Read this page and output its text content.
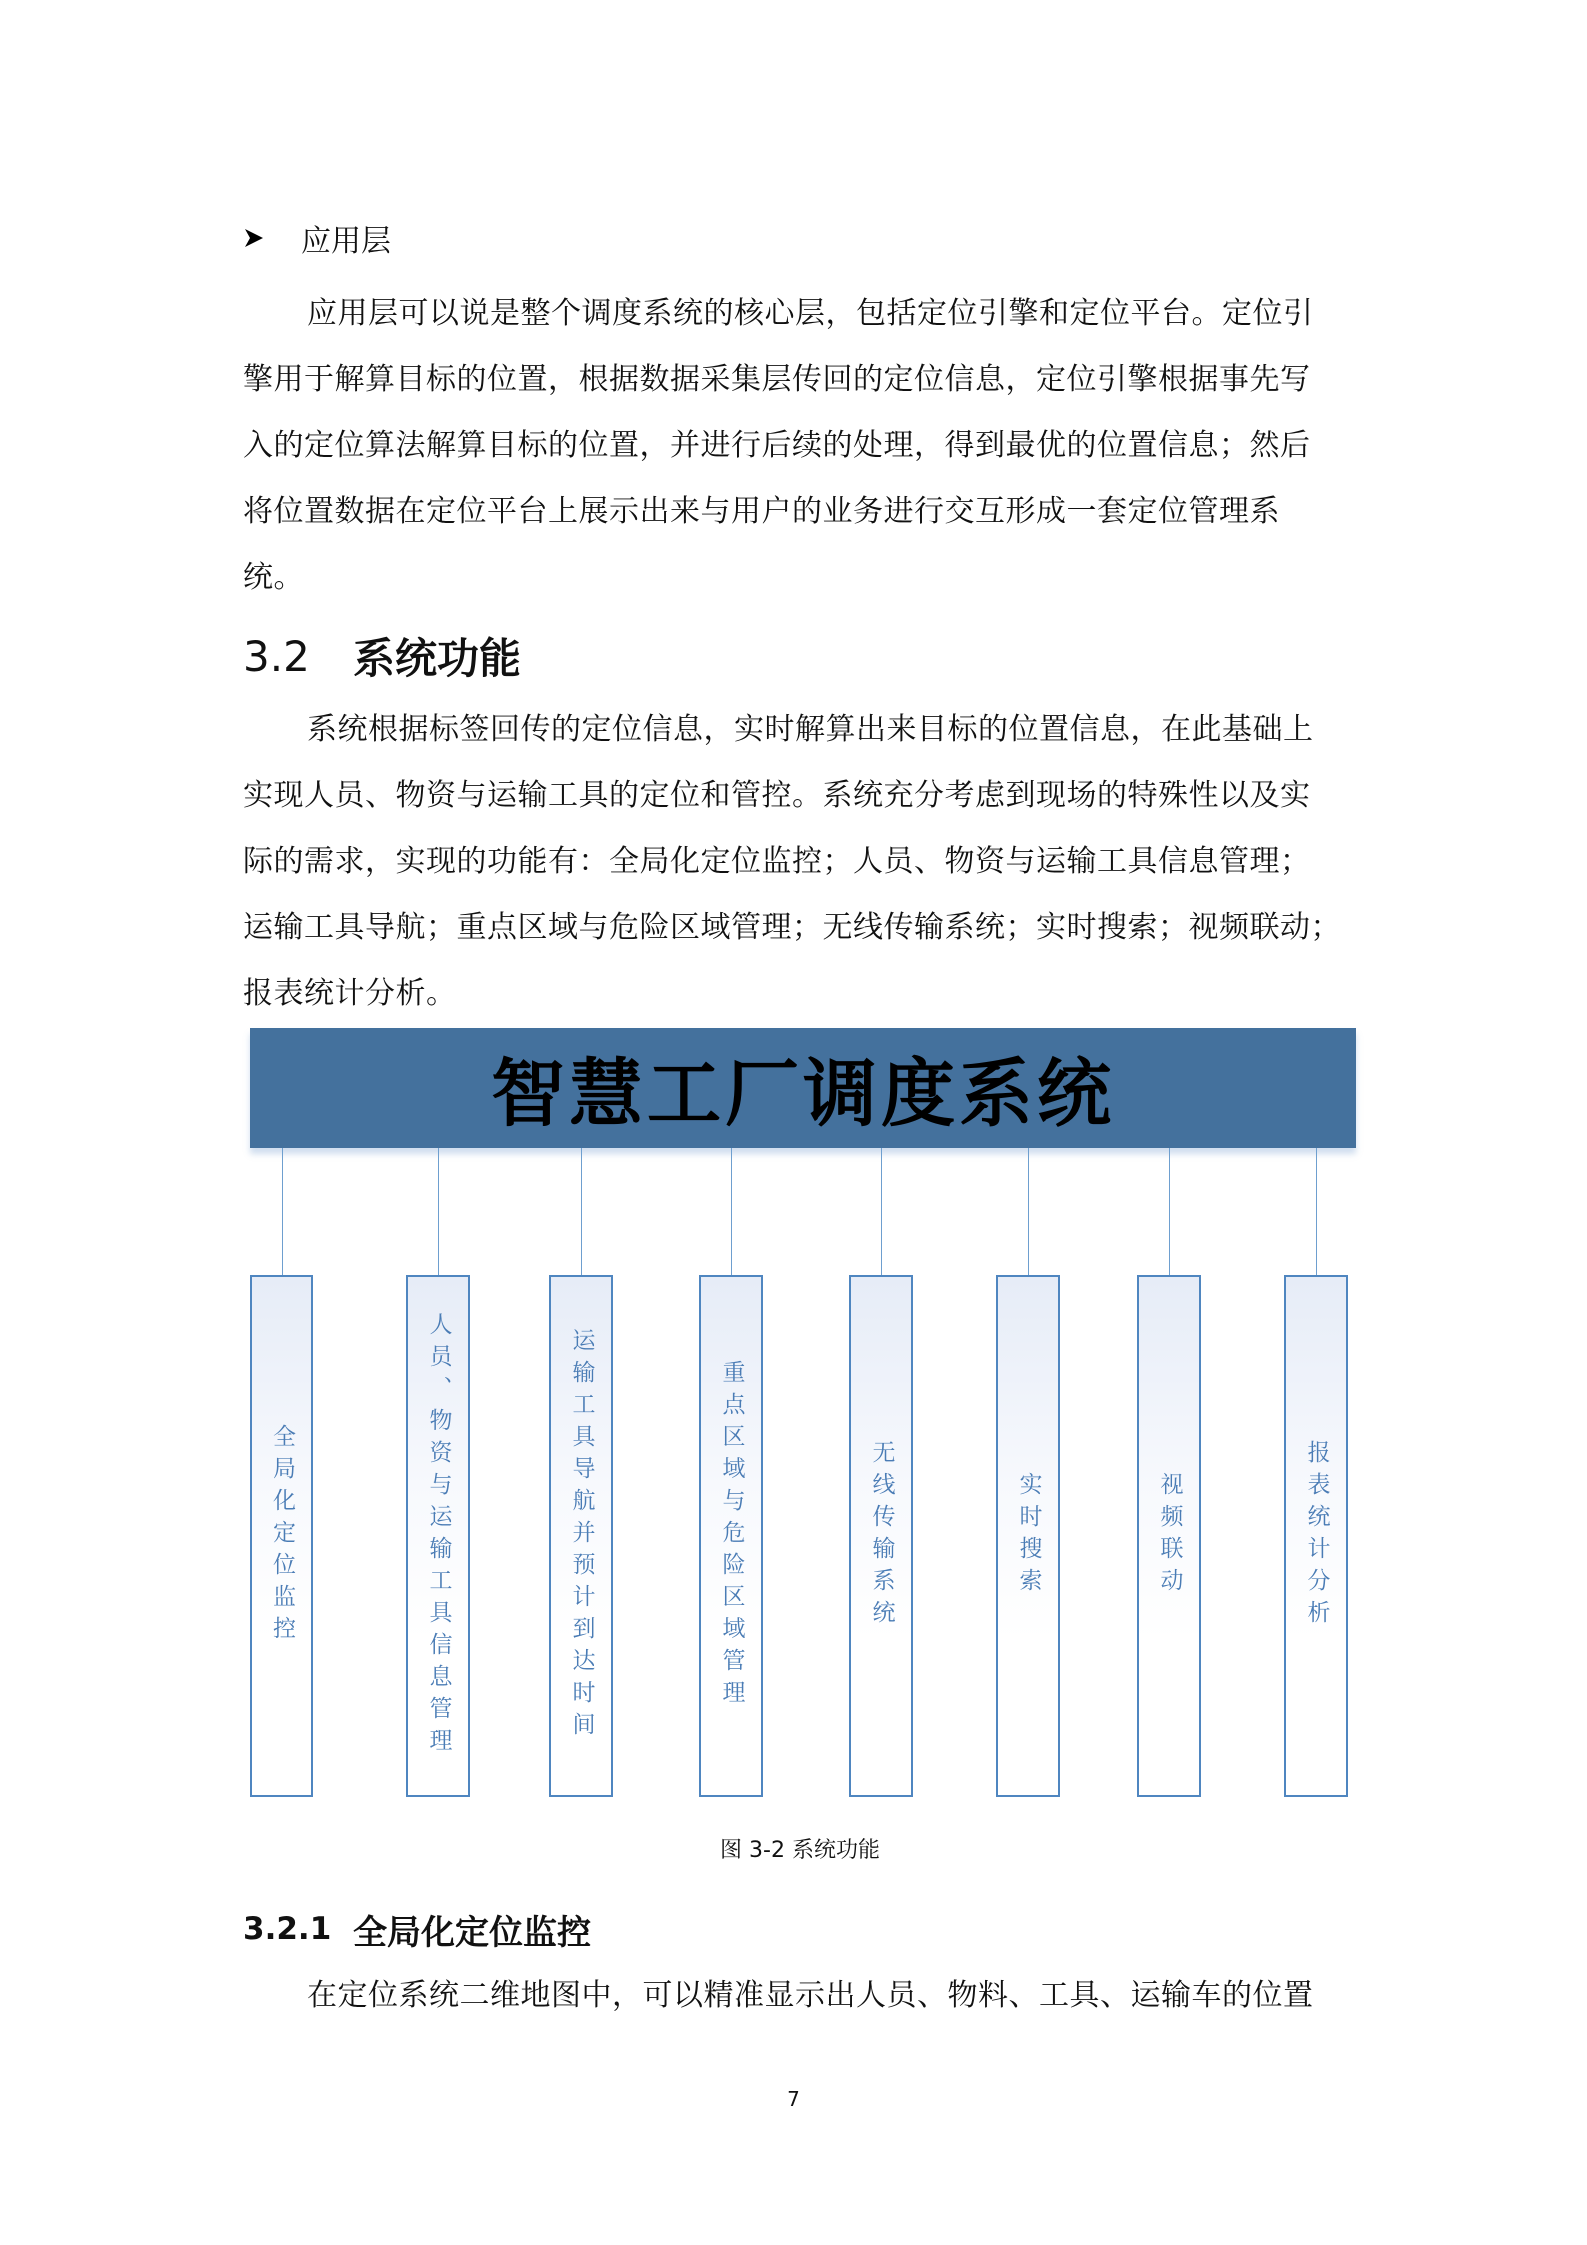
应用层
应用层可以说是整个调度系统的核心层，包括定位引擎和定位平台。定位引
擎用于解算目标的位置，根据数据采集层传回的定位信息，定位引擎根据事先写
入的定位算法解算目标的位置，并进行后续的处理，得到最优的位置信息；然后
将位置数据在定位平台上展示出来与用户的业务进行交互形成一套定位管理系
统。
3.2	系统功能
系统根据标签回传的定位信息，实时解算出来目标的位置信息，在此基础上
实现人员、物资与运输工具的定位和管控。系统充分考虑到现场的特殊性以及实
际的需求，实现的功能有：全局化定位监控；人员、物资与运输工具信息管理；
运输工具导航；重点区域与危险区域管理；无线传输系统；实时搜索；视频联动；
报表统计分析。
智慧工厂调度系统
全局化定位监控	人员、物资与运输工具信息管理	运输工具导航并预计到达时间	重点区域与危险区域管理	无线传输系统	实时搜索	视频联动	报表统计分析
图 3-2 系统功能
3.2.1 全局化定位监控
在定位系统二维地图中，可以精准显示出人员、物料、工具、运输车的位置
7
